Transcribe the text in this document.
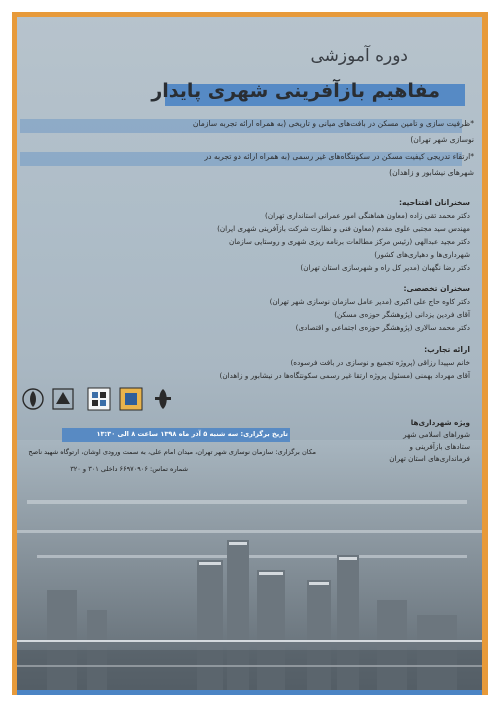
دوره آموزشی
مفاهیم بازآفرینی شهری پایدار
*ظرفیت سازی و تامین مسکن در بافت‌های میانی و تاریخی (به همراه ارائه تجربه سازمان
نوسازی شهر تهران)
*ارتقاء تدریجی کیفیت مسکن در سکونتگاه‌های غیر رسمی (به همراه ارائه دو تجربه در
شهرهای نیشابور و زاهدان)
سخنرانان افتتاحیه:
دکتر محمد تقی زاده (معاون هماهنگی امور عمرانی استانداری تهران)
مهندس سید مجتبی علوی مقدم (معاون فنی و نظارت شرکت بازآفرینی شهری ایران)
دکتر مجید عبدالهی (رئیس مرکز مطالعات برنامه ریزی شهری و روستایی سازمان
شهرداری‌ها و دهیاری‌های کشور)
دکتر رضا نگهبان (مدیر کل راه و شهرسازی استان تهران)
سخنران تخصصی:
دکتر کاوه حاج علی اکبری (مدیر عامل سازمان نوسازی شهر تهران)
آقای فردین یزدانی (پژوهشگر حوزه‌ی مسکن)
دکتر محمد سالاری (پژوهشگر حوزه‌ی اجتماعی و اقتصادی)
ارائه تجارب:
خانم سپیدا رزاقی (پروژه تجمیع و نوسازی در بافت فرسوده)
آقای مهرداد بهمنی (مسئول پروژه ارتقا غیر رسمی سکونتگاه‌ها در نیشابور و زاهدان)
تاریخ برگزاری: سه شنبه ۵ آذر ماه ۱۳۹۸ ساعت ۸ الی ۱۳:۳۰
مکان برگزاری: سازمان نوسازی شهر تهران، میدان امام علی، به سمت ورودی اوشان، ارتوگاه شهید ناصح
شماره تماس: ۶۶۹۷۰۹۰۶ داخلی ۳۰۱ و ۳۲۰
ویژه شهرداری‌ها
شوراهای اسلامی شهر
ستادهای بازآفرینی و
فرمانداری‌های استان تهران
